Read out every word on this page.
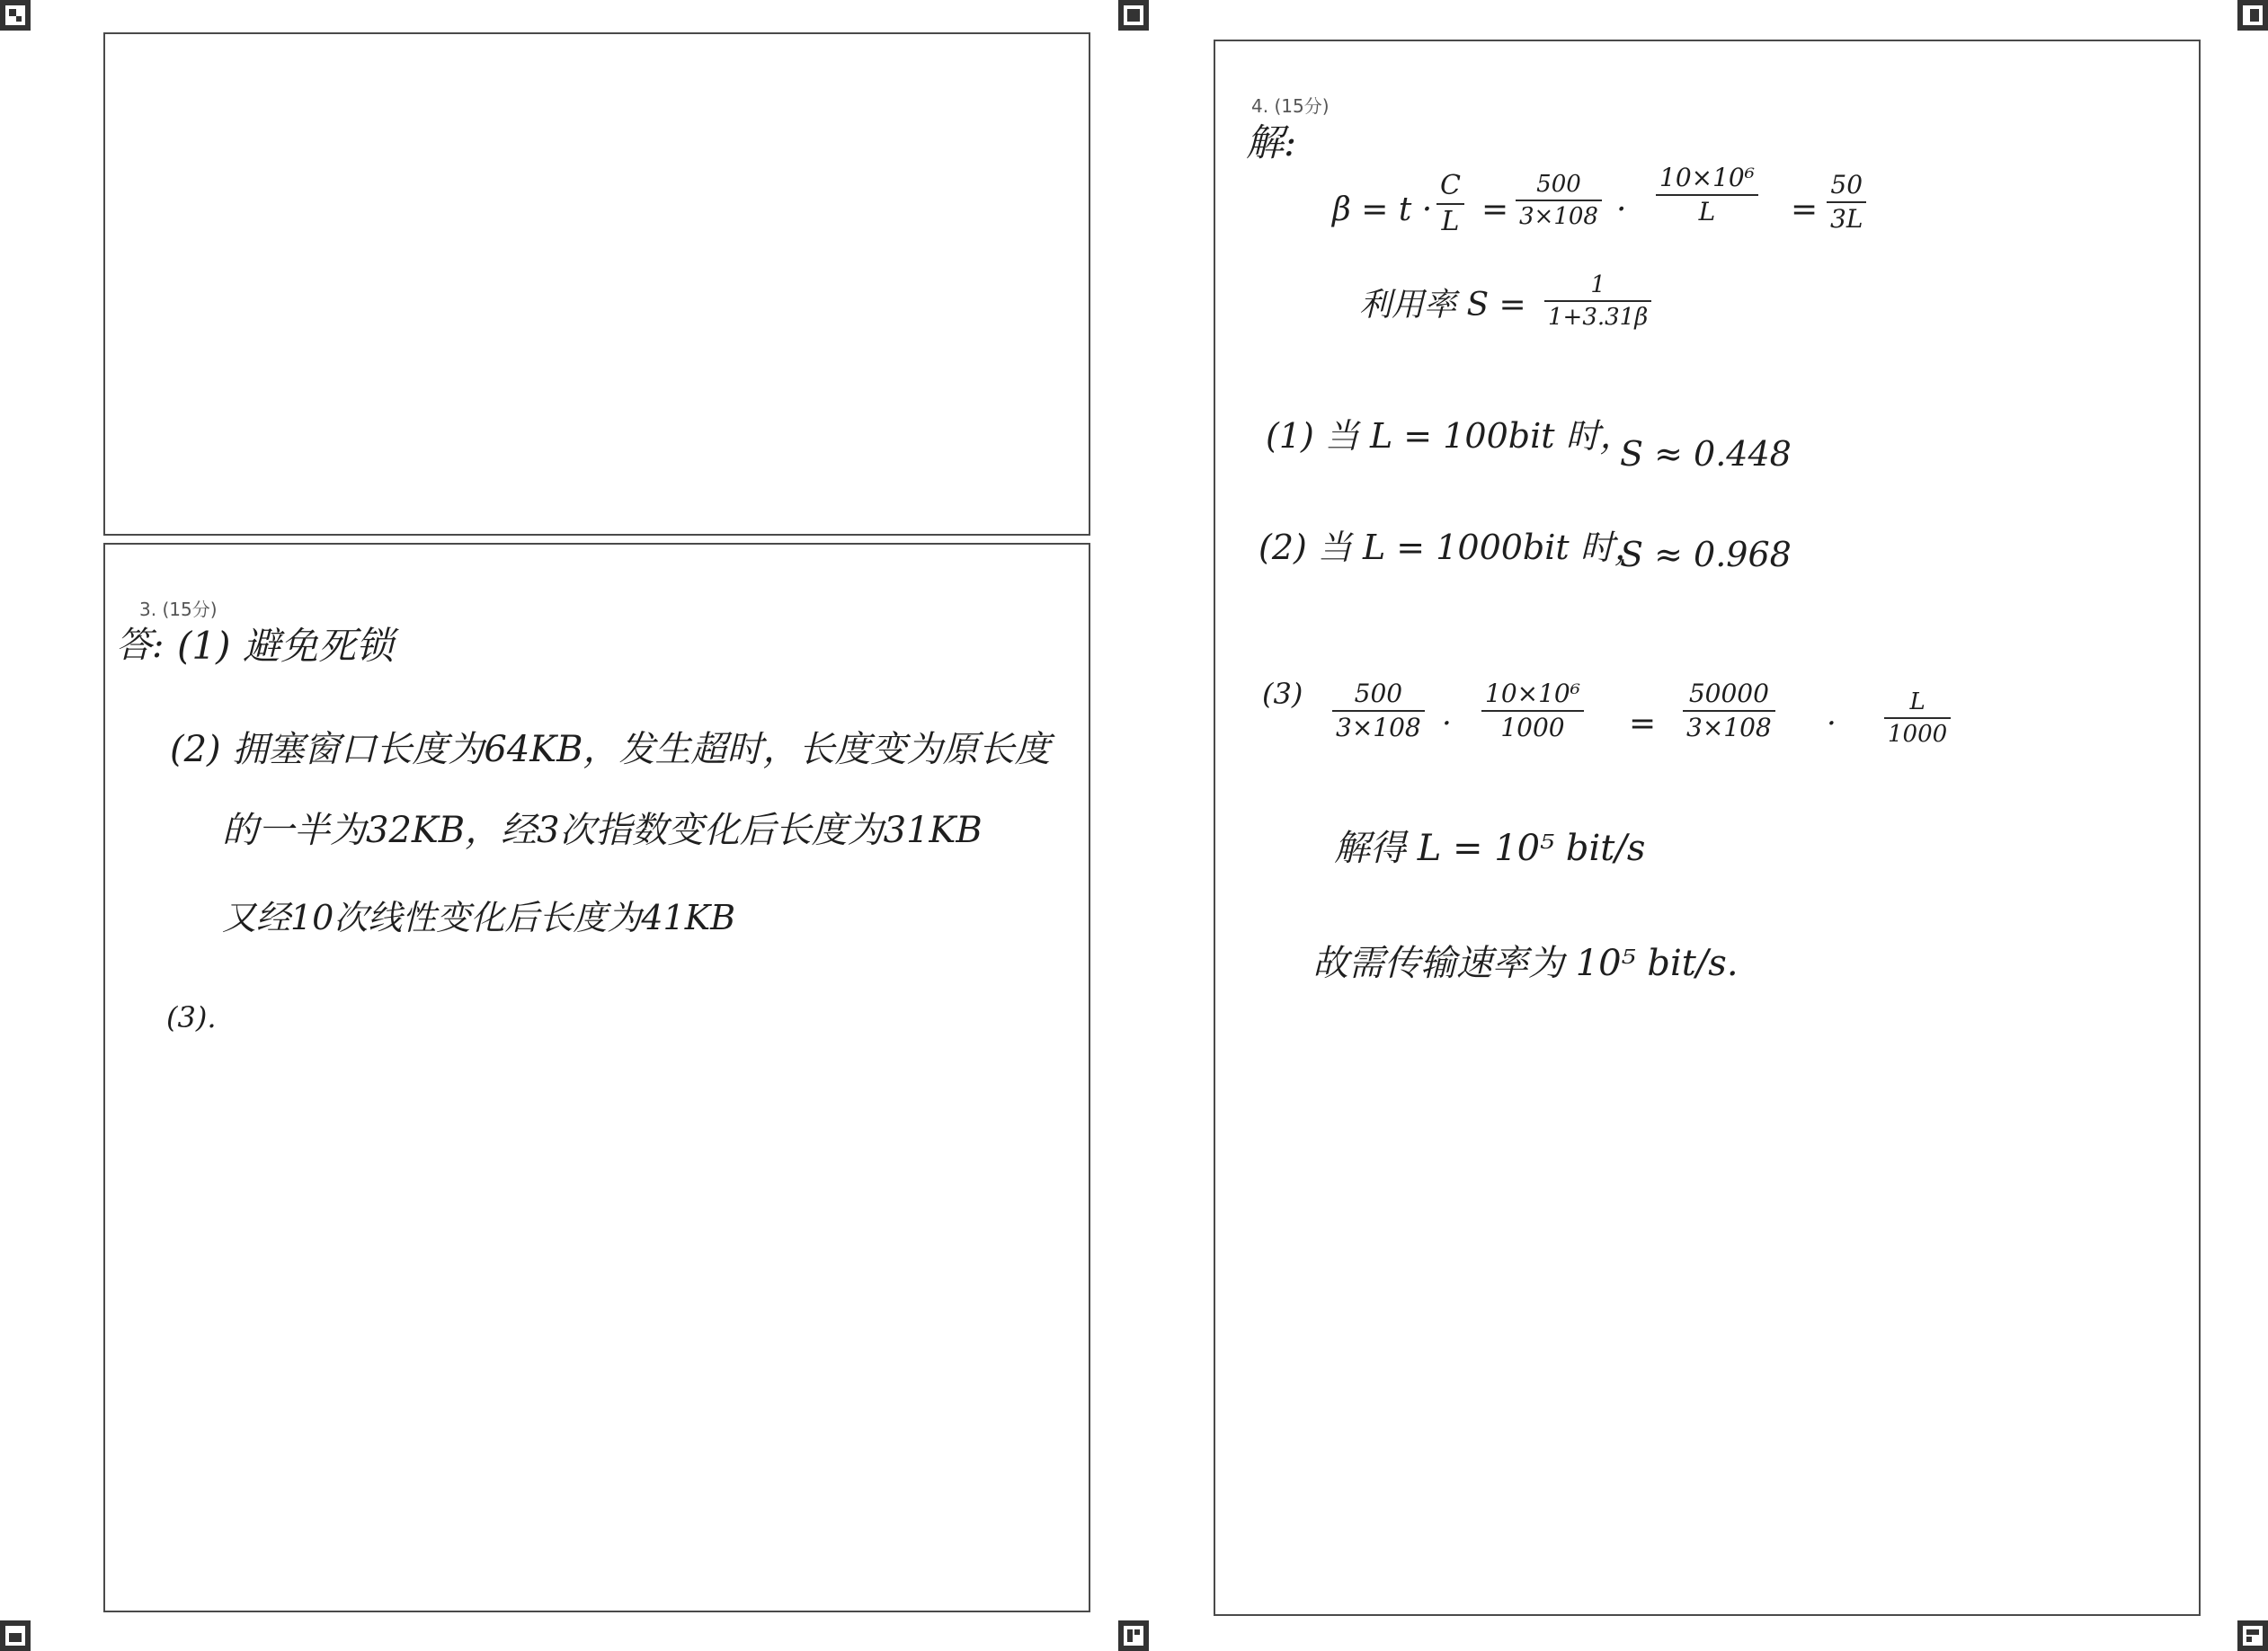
3. (15分)
答: (1) 避免死锁
(2) 拥塞窗口长度为64KB，发生超时，长度变为原长度
的一半为32KB，经3次指数变化后长度为31KB
又经10次线性变化后长度为41KB
(3).
4. (15分)
解:
β = t ·
C
L =
500
3×108 ·
10×10⁶
L =
50
3L
利用率 S =
1
1+3.31β
(1) 当 L = 100bit 时，
S ≈ 0.448
(2) 当 L = 1000bit 时，
S ≈ 0.968
(3) 500
3×108 ·
10×10⁶
1000 =
50000
3×108 ·
L
1000
解得 L = 10⁵ bit/s
故需传输速率为 10⁵ bit/s.
